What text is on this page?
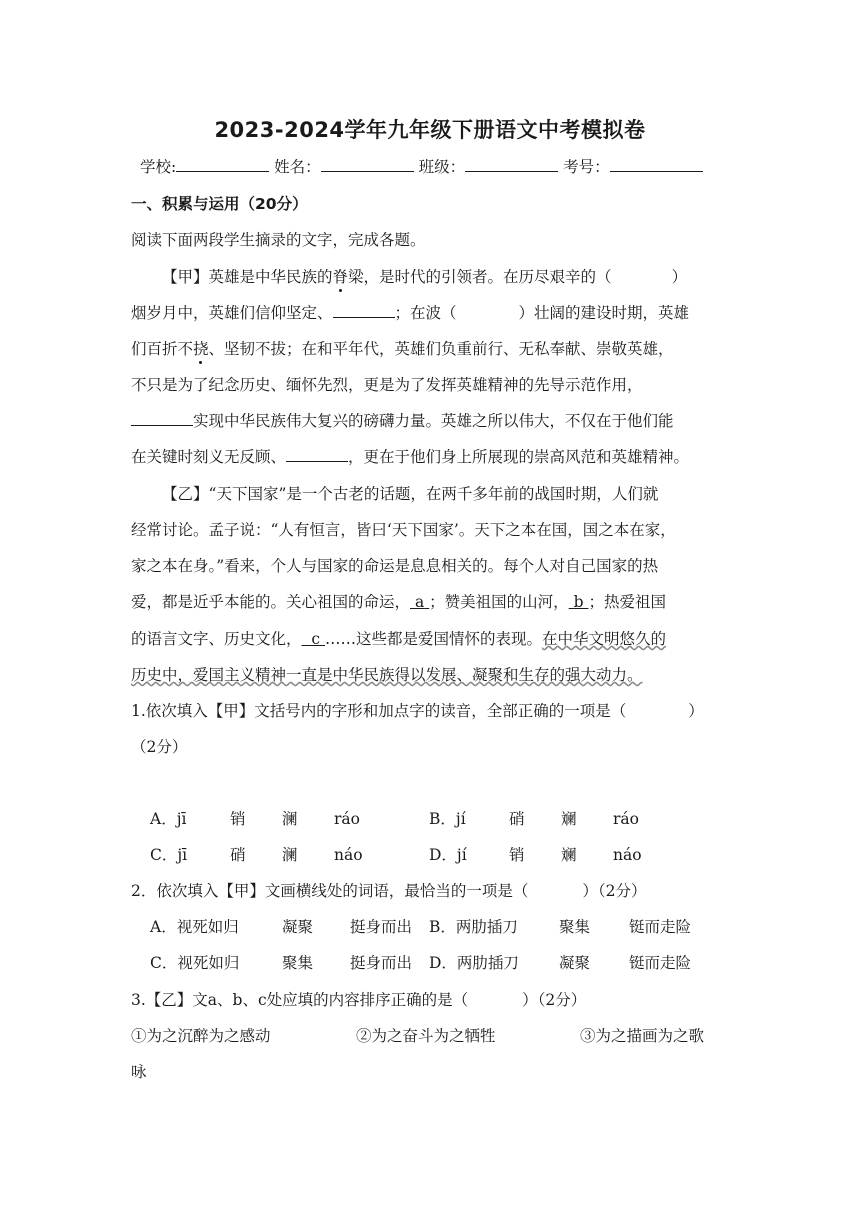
2023-2024学年九年级下册语文中考模拟卷
学校:	姓名：	班级：	考号：
一、积累与运用（20分）
阅读下面两段学生摘录的文字，完成各题。
【甲】英雄是中华民族的脊梁，是时代的引领者。在历尽艰辛的（	）
烟岁月中，英雄们信仰坚定、	；在波（	）壮阔的建设时期，英雄
们百折不挠、坚韧不拔；在和平年代，英雄们负重前行、无私奉献、崇敬英雄，
不只是为了纪念历史、缅怀先烈，更是为了发挥英雄精神的先导示范作用，
实现中华民族伟大复兴的磅礴力量。英雄之所以伟大，不仅在于他们能
在关键时刻义无反顾、	，更在于他们身上所展现的崇高风范和英雄精神。
【乙】“天下国家”是一个古老的话题，在两千多年前的战国时期，人们就
经常讨论。孟子说：“人有恒言，皆曰‘天下国家’。天下之本在国，国之本在家，
家之本在身。”看来，个人与国家的命运是息息相关的。每个人对自己国家的热
爱，都是近乎本能的。关心祖国的命运， a ；赞美祖国的山河， b ；热爱祖国
的语言文字、历史文化， c ……这些都是爱国情怀的表现。在中华文明悠久的
历史中，爱国主义精神一直是中华民族得以发展、凝聚和生存的强大动力。
1.依次填入【甲】文括号内的字形和加点字的读音，全部正确的一项是（	）
（2分）
A．jī	销 澜 ráo	B．jí	硝 斓 ráo
C．jī	硝 澜 náo	D．jí	销 斓 náo
2．依次填入【甲】文画横线处的词语，最恰当的一项是（	）（2分）
A．视死如归	凝聚 挺身而出 B．两肋插刀	聚集	铤而走险
C．视死如归	聚集 挺身而出 D．两肋插刀	凝聚	铤而走险
3.【乙】文a、b、c处应填的内容排序正确的是（	）（2分）
①为之沉醉为之感动	②为之奋斗为之牺牲	③为之描画为之歌
咏
